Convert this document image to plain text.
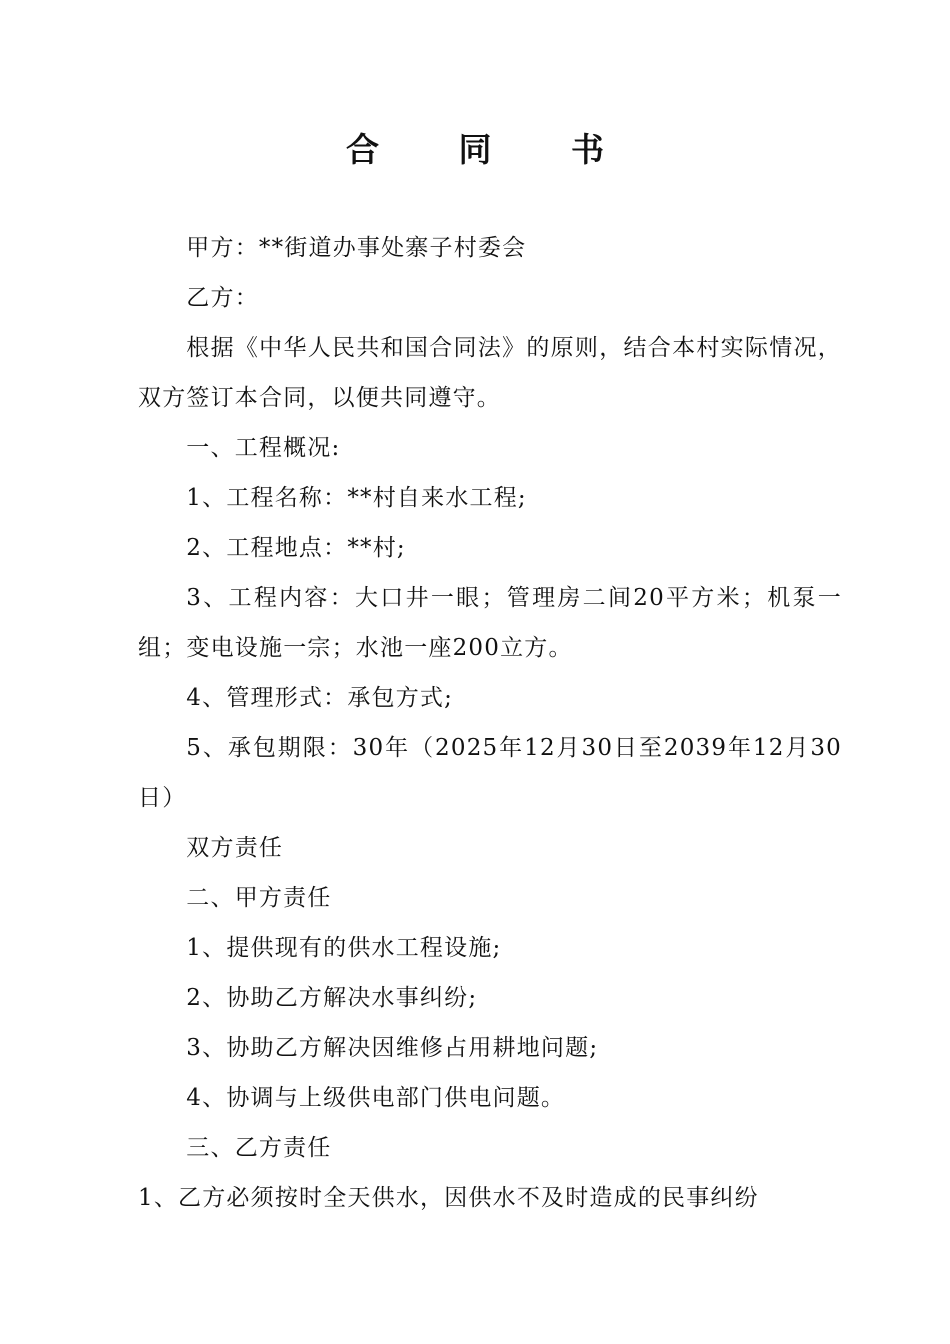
合 同 书

甲方：**街道办事处寨子村委会

乙方：

根据《中华人民共和国合同法》的原则，结合本村实际情况，双方签订本合同，以便共同遵守。

一、工程概况:

1、工程名称：**村自来水工程;

2、工程地点：**村;

3、工程内容：大口井一眼；管理房二间20平方米；机泵一组；变电设施一宗；水池一座200立方。

4、管理形式：承包方式;

5、承包期限：30年（2025年12月30日至2039年12月30日）

双方责任

二、甲方责任

1、提供现有的供水工程设施;

2、协助乙方解决水事纠纷;

3、协助乙方解决因维修占用耕地问题;

4、协调与上级供电部门供电问题。

三、乙方责任

1、乙方必须按时全天供水，因供水不及时造成的民事纠纷
